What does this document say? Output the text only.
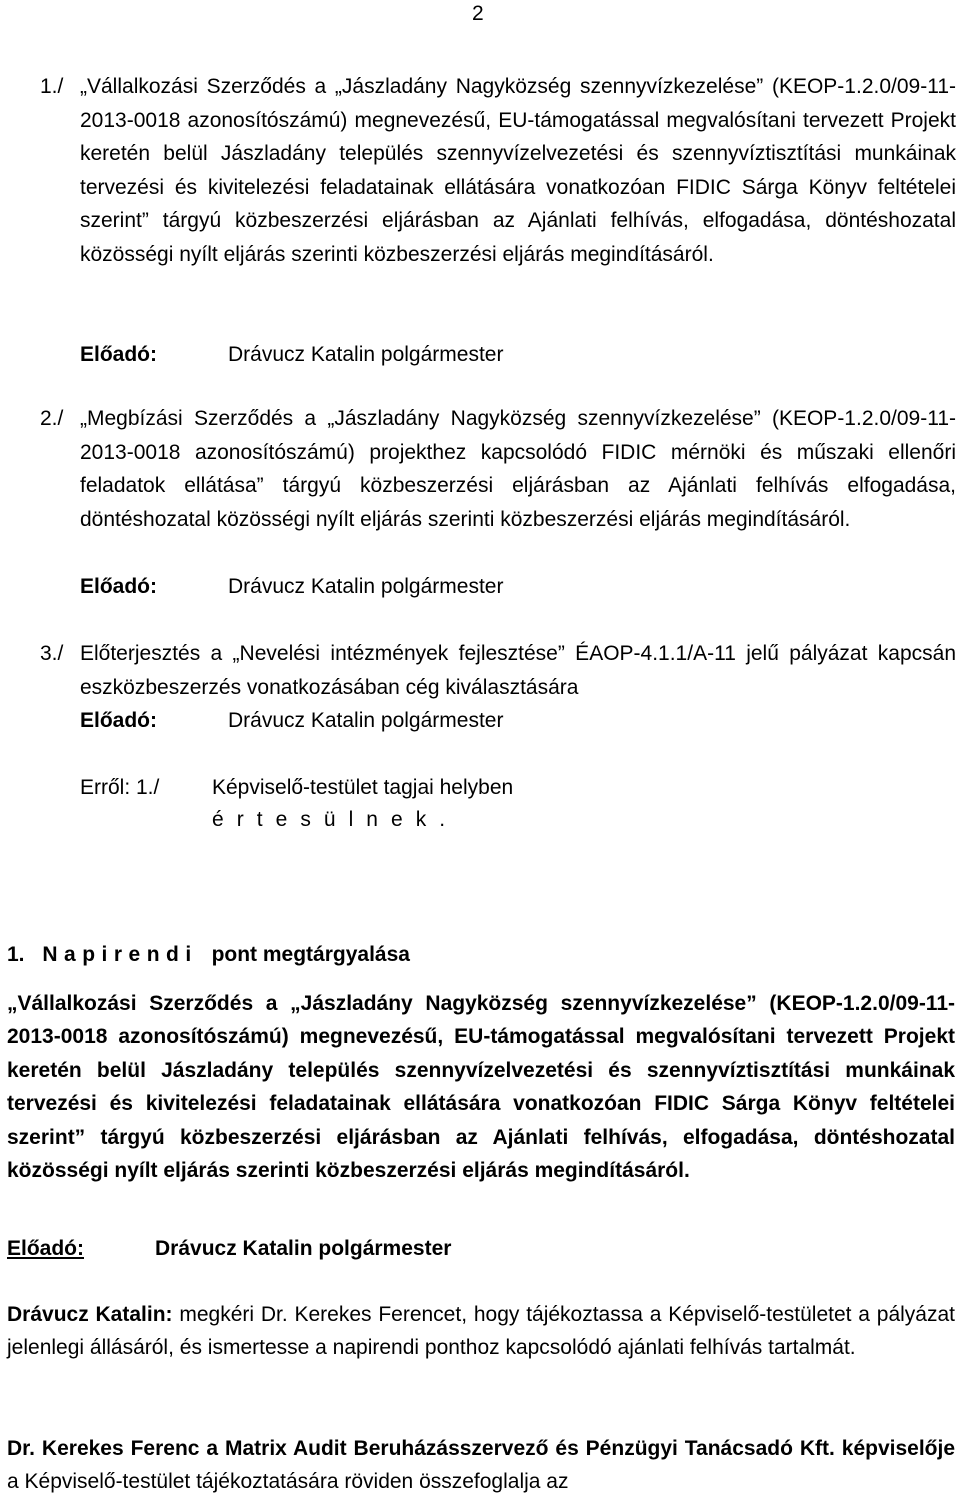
2
1./ „Vállalkozási Szerződés a „Jászladány Nagyközség szennyvízkezelése” (KEOP-1.2.0/09-11-2013-0018 azonosítószámú) megnevezésű, EU-támogatással megvalósítani tervezett Projekt keretén belül Jászladány település szennyvízelvezetési és szennyvíztisztítási munkáinak tervezési és kivitelezési feladatainak ellátására vonatkozóan FIDIC Sárga Könyv feltételei szerint” tárgyú közbeszerzési eljárásban az Ajánlati felhívás, elfogadása, döntéshozatal közösségi nyílt eljárás szerinti közbeszerzési eljárás megindításáról.
Előadó:	Drávucz Katalin polgármester
2./ „Megbízási Szerződés a „Jászladány Nagyközség szennyvízkezelése” (KEOP-1.2.0/09-11-2013-0018 azonosítószámú) projekthez kapcsolódó FIDIC mérnöki és műszaki ellenőri feladatok ellátása” tárgyú közbeszerzési eljárásban az Ajánlati felhívás elfogadása, döntéshozatal közösségi nyílt eljárás szerinti közbeszerzési eljárás megindításáról.
Előadó:	Drávucz Katalin polgármester
3./ Előterjesztés a „Nevelési intézmények fejlesztése” ÉAOP-4.1.1/A-11 jelű pályázat kapcsán eszközbeszerzés vonatkozásában cég kiválasztására
Előadó:	Drávucz Katalin polgármester
Erről: 1./	Képviselő-testület tagjai helyben
é r t e s ü l n e k .
1. Napirendi pont megtárgyalása
„Vállalkozási Szerződés a „Jászladány Nagyközség szennyvízkezelése” (KEOP-1.2.0/09-11-2013-0018 azonosítószámú) megnevezésű, EU-támogatással megvalósítani tervezett Projekt keretén belül Jászladány település szennyvízelvezetési és szennyvíztisztítási munkáinak tervezési és kivitelezési feladatainak ellátására vonatkozóan FIDIC Sárga Könyv feltételei szerint” tárgyú közbeszerzési eljárásban az Ajánlati felhívás, elfogadása, döntéshozatal közösségi nyílt eljárás szerinti közbeszerzési eljárás megindításáról.
Előadó:	Drávucz Katalin polgármester
Drávucz Katalin: megkéri Dr. Kerekes Ferencet, hogy tájékoztassa a Képviselő-testületet a pályázat jelenlegi állásáról, és ismertesse a napirendi ponthoz kapcsolódó ajánlati felhívás tartalmát.
Dr. Kerekes Ferenc a Matrix Audit Beruházásszervező és Pénzügyi Tanácsadó Kft. képviselője a Képviselő-testület tájékoztatására röviden összefoglalja az
